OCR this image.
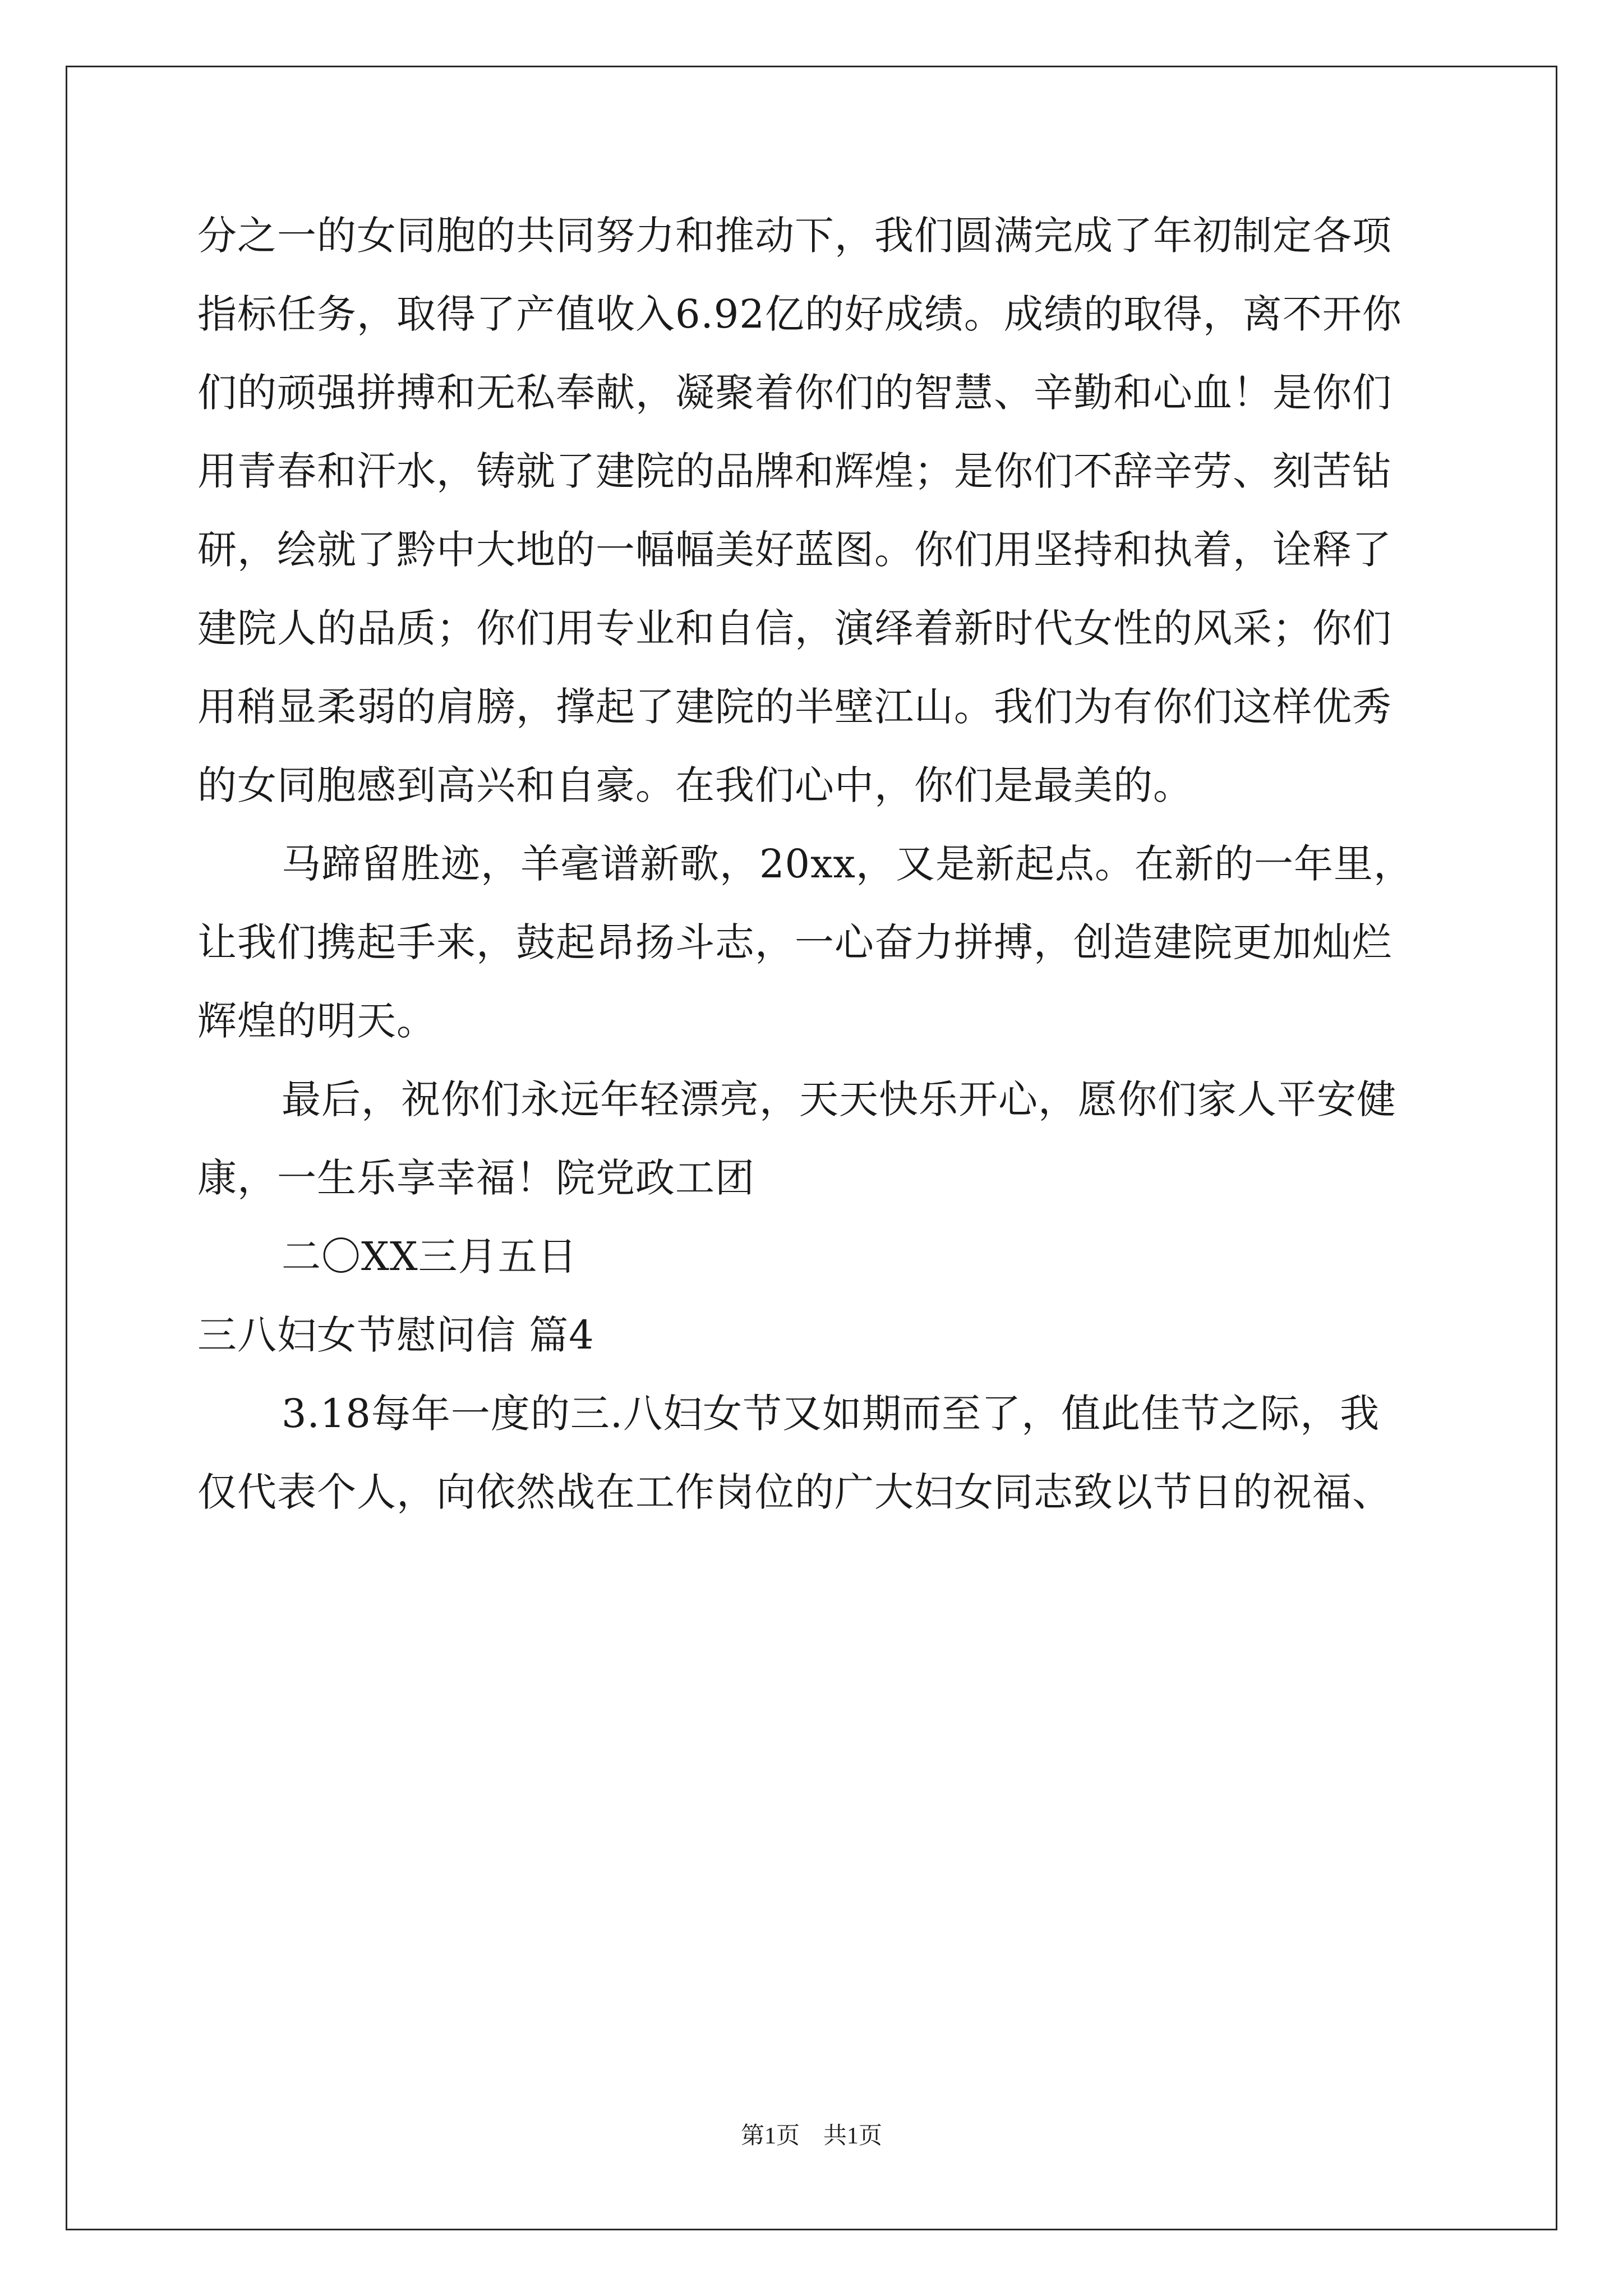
分之一的女同胞的共同努力和推动下，我们圆满完成了年初制定各项
指标任务，取得了产值收入6.92亿的好成绩。成绩的取得，离不开你
们的顽强拼搏和无私奉献，凝聚着你们的智慧、辛勤和心血！是你们
用青春和汗水，铸就了建院的品牌和辉煌；是你们不辞辛劳、刻苦钻
研，绘就了黔中大地的一幅幅美好蓝图。你们用坚持和执着，诠释了
建院人的品质；你们用专业和自信，演绎着新时代女性的风采；你们
用稍显柔弱的肩膀，撑起了建院的半壁江山。我们为有你们这样优秀
的女同胞感到高兴和自豪。在我们心中，你们是最美的。
马蹄留胜迹，羊毫谱新歌，20xx，又是新起点。在新的一年里，
让我们携起手来，鼓起昂扬斗志，一心奋力拼搏，创造建院更加灿烂
辉煌的明天。
最后，祝你们永远年轻漂亮，天天快乐开心，愿你们家人平安健
康，一生乐享幸福！院党政工团
二〇XX三月五日
三八妇女节慰问信 篇4
3.18每年一度的三.八妇女节又如期而至了，值此佳节之际，我
仅代表个人，向依然战在工作岗位的广大妇女同志致以节日的祝福、
第1页　共1页
